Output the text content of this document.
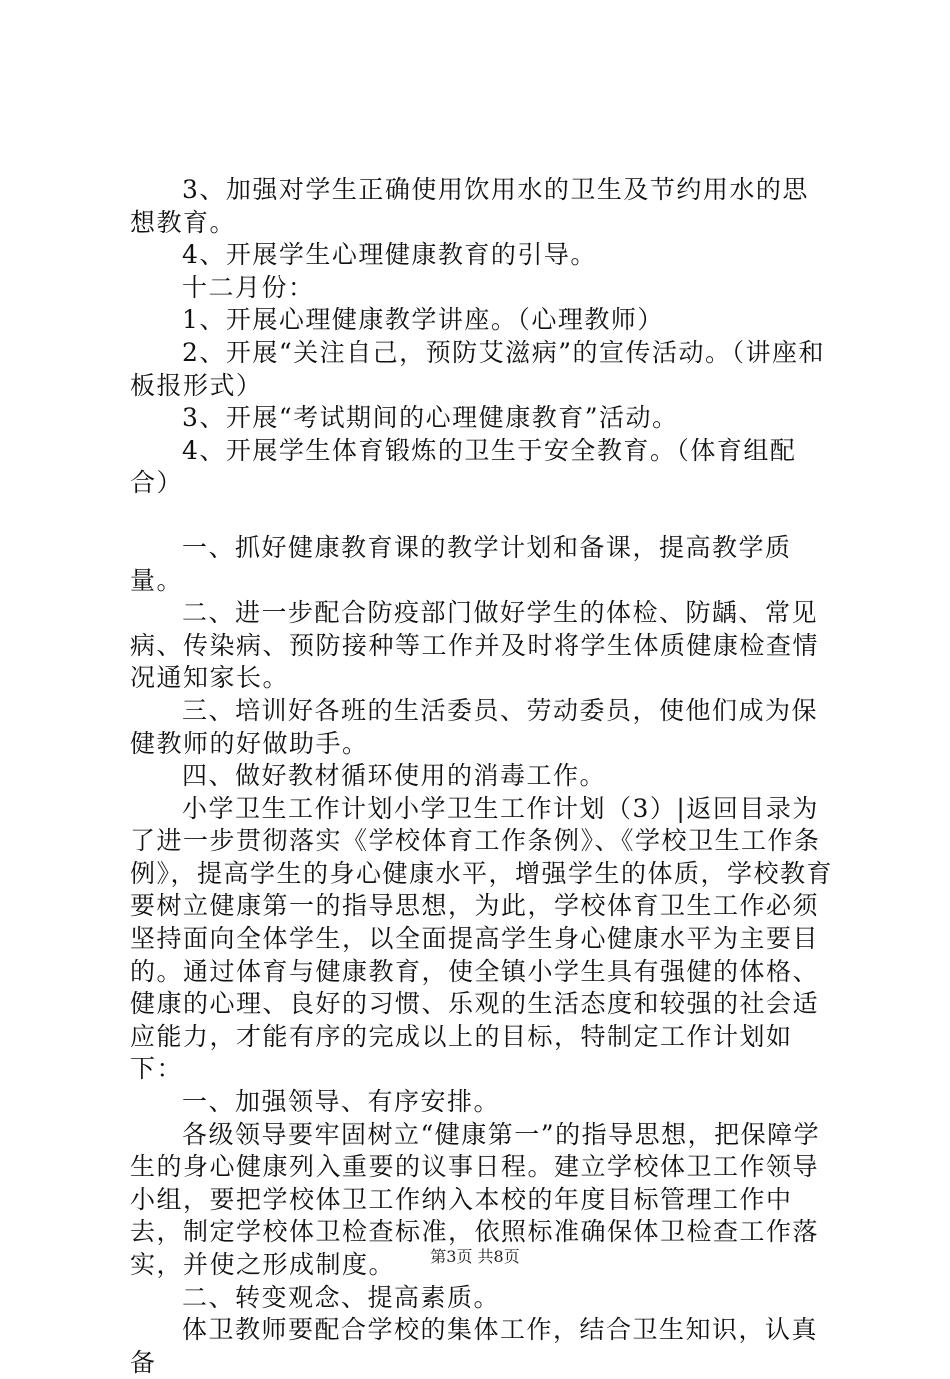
3、加强对学生正确使用饮用水的卫生及节约用水的思想教育。

4、开展学生心理健康教育的引导。

十二月份：

1、开展心理健康教学讲座。（心理教师）

2、开展“关注自己，预防艾滋病”的宣传活动。（讲座和板报形式）

3、开展“考试期间的心理健康教育”活动。

4、开展学生体育锻炼的卫生于安全教育。（体育组配合）

一、抓好健康教育课的教学计划和备课，提高教学质量。

二、进一步配合防疫部门做好学生的体检、防龋、常见病、传染病、预防接种等工作并及时将学生体质健康检查情况通知家长。

三、培训好各班的生活委员、劳动委员，使他们成为保健教师的好做助手。

四、做好教材循环使用的消毒工作。

小学卫生工作计划小学卫生工作计划（3）|返回目录为了进一步贯彻落实《学校体育工作条例》、《学校卫生工作条例》，提高学生的身心健康水平，增强学生的体质，学校教育要树立健康第一的指导思想，为此，学校体育卫生工作必须坚持面向全体学生，以全面提高学生身心健康水平为主要目的。通过体育与健康教育，使全镇小学生具有强健的体格、健康的心理、良好的习惯、乐观的生活态度和较强的社会适应能力，才能有序的完成以上的目标，特制定工作计划如下：

一、加强领导、有序安排。

各级领导要牢固树立“健康第一”的指导思想，把保障学生的身心健康列入重要的议事日程。建立学校体卫工作领导小组，要把学校体卫工作纳入本校的年度目标管理工作中去，制定学校体卫检查标准，依照标准确保体卫检查工作落实，并使之形成制度。

二、转变观念、提高素质。

体卫教师要配合学校的集体工作，结合卫生知识，认真备

第3页 共8页
